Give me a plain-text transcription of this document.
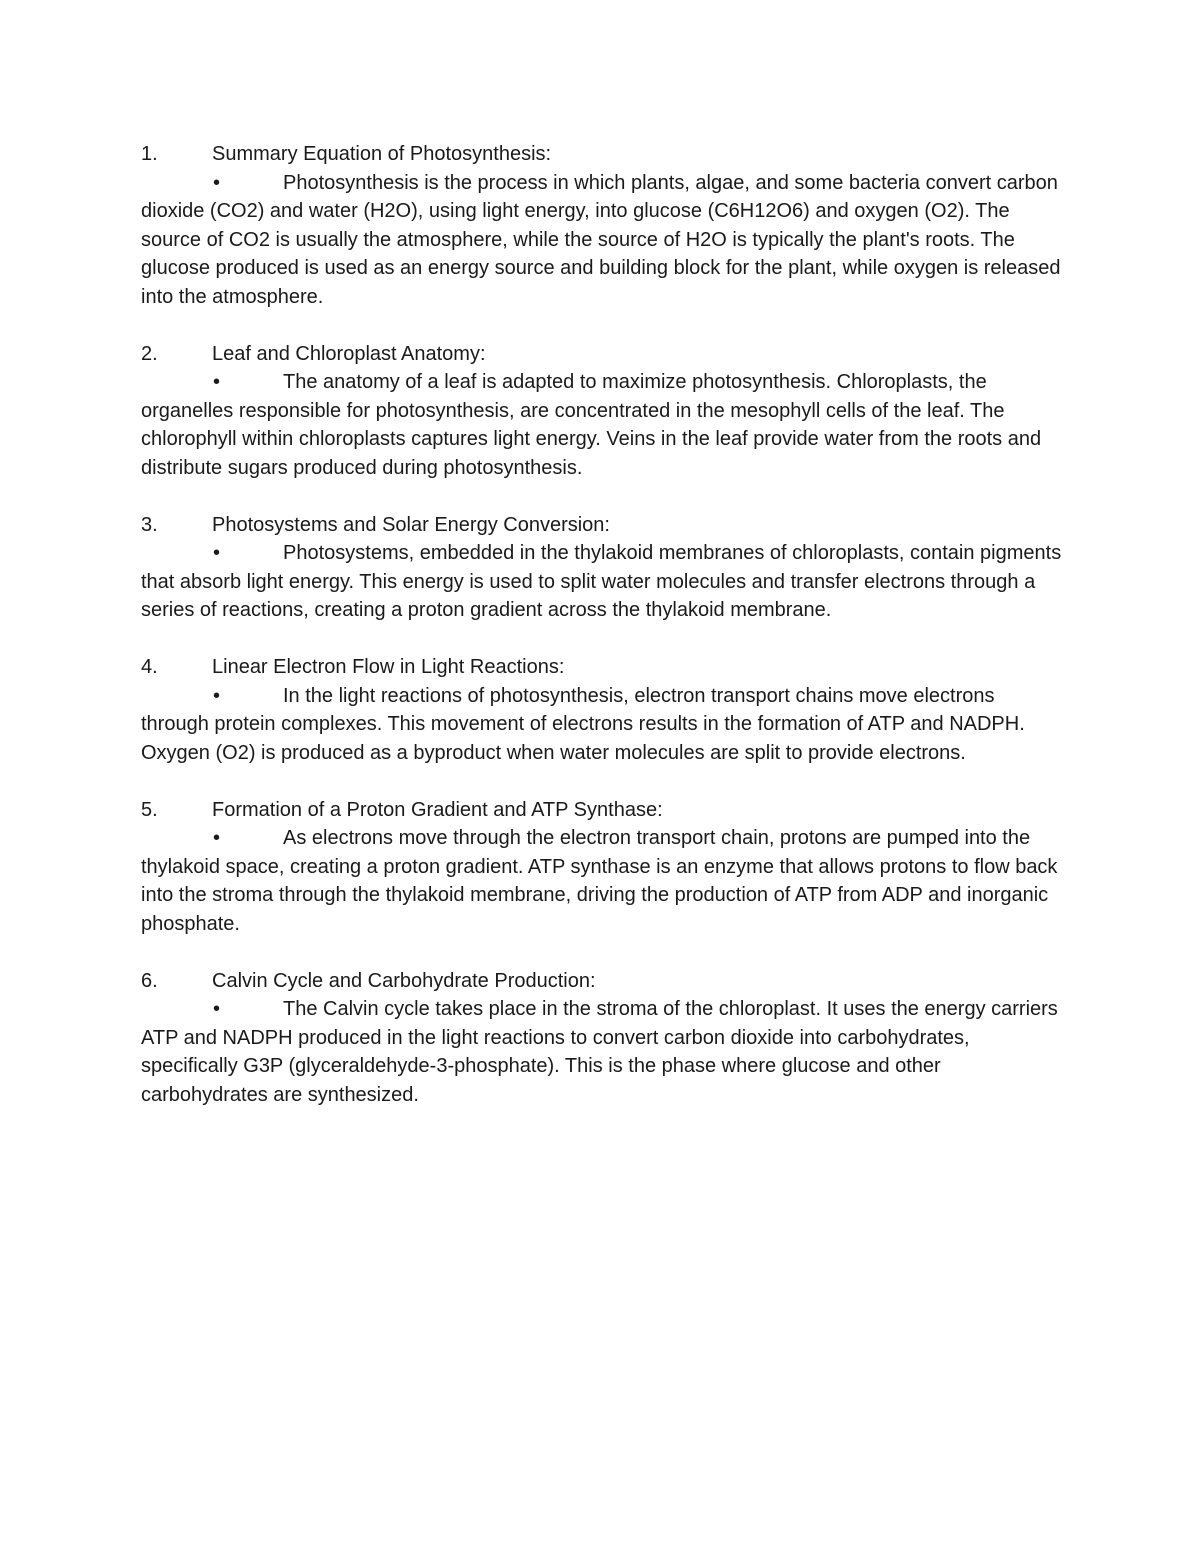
1.	Summary Equation of Photosynthesis:

•	Photosynthesis is the process in which plants, algae, and some bacteria convert carbon dioxide (CO2) and water (H2O), using light energy, into glucose (C6H12O6) and oxygen (O2). The source of CO2 is usually the atmosphere, while the source of H2O is typically the plant's roots. The glucose produced is used as an energy source and building block for the plant, while oxygen is released into the atmosphere.

2.	Leaf and Chloroplast Anatomy:

•	The anatomy of a leaf is adapted to maximize photosynthesis. Chloroplasts, the organelles responsible for photosynthesis, are concentrated in the mesophyll cells of the leaf. The chlorophyll within chloroplasts captures light energy. Veins in the leaf provide water from the roots and distribute sugars produced during photosynthesis.

3.	Photosystems and Solar Energy Conversion:

•	Photosystems, embedded in the thylakoid membranes of chloroplasts, contain pigments that absorb light energy. This energy is used to split water molecules and transfer electrons through a series of reactions, creating a proton gradient across the thylakoid membrane.

4.	Linear Electron Flow in Light Reactions:

•	In the light reactions of photosynthesis, electron transport chains move electrons through protein complexes. This movement of electrons results in the formation of ATP and NADPH. Oxygen (O2) is produced as a byproduct when water molecules are split to provide electrons.

5.	Formation of a Proton Gradient and ATP Synthase:

•	As electrons move through the electron transport chain, protons are pumped into the thylakoid space, creating a proton gradient. ATP synthase is an enzyme that allows protons to flow back into the stroma through the thylakoid membrane, driving the production of ATP from ADP and inorganic phosphate.

6.	Calvin Cycle and Carbohydrate Production:

•	The Calvin cycle takes place in the stroma of the chloroplast. It uses the energy carriers ATP and NADPH produced in the light reactions to convert carbon dioxide into carbohydrates, specifically G3P (glyceraldehyde-3-phosphate). This is the phase where glucose and other carbohydrates are synthesized.
